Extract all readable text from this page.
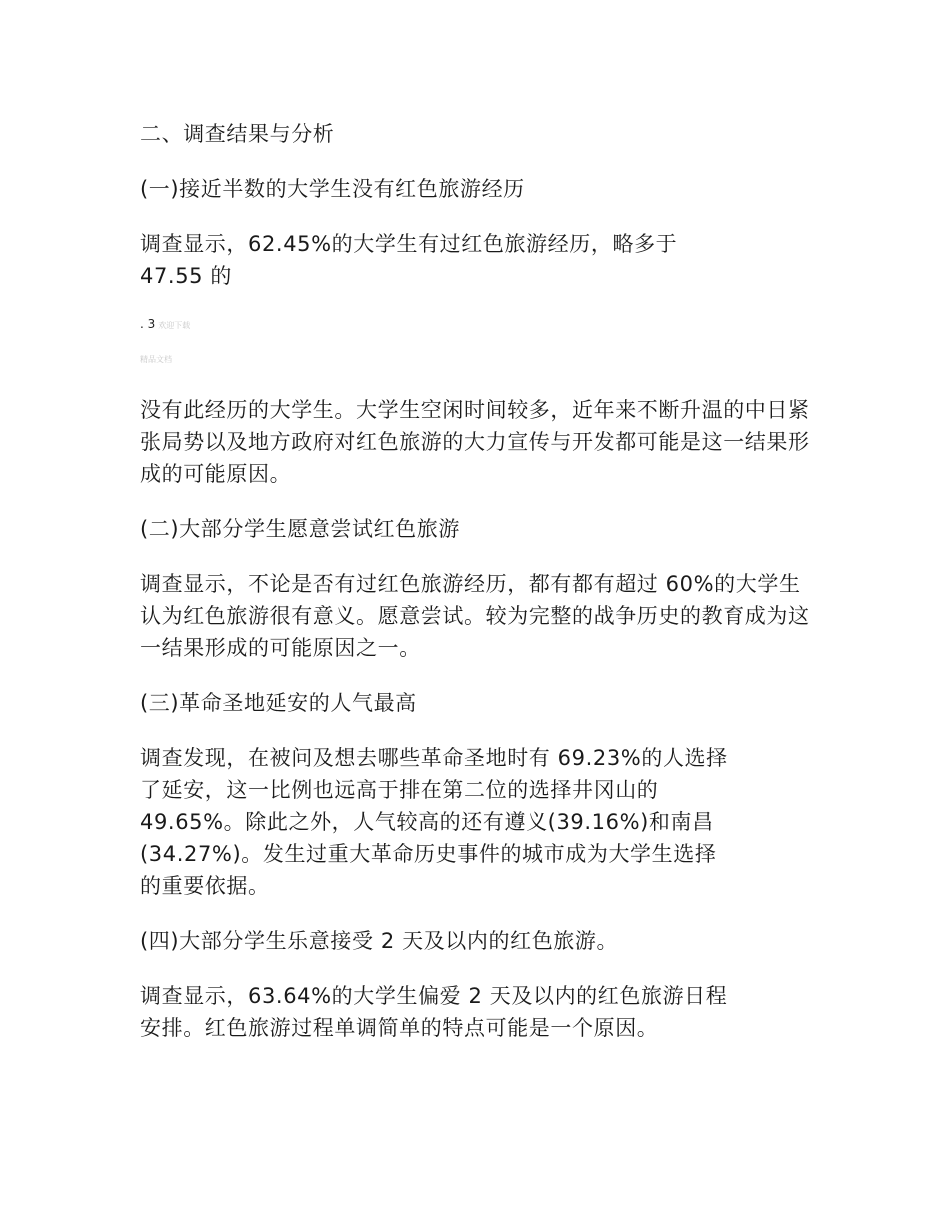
二、调查结果与分析
(一)接近半数的大学生没有红色旅游经历
调查显示，62.45%的大学生有过红色旅游经历，略多于
47.55 的
. 3 欢迎下载
精品文档
没有此经历的大学生。大学生空闲时间较多，近年来不断升温的中日紧张局势以及地方政府对红色旅游的大力宣传与开发都可能是这一结果形成的可能原因。
(二)大部分学生愿意尝试红色旅游
调查显示，不论是否有过红色旅游经历，都有都有超过 60%的大学生认为红色旅游很有意义。愿意尝试。较为完整的战争历史的教育成为这一结果形成的可能原因之一。
(三)革命圣地延安的人气最高
调查发现，在被问及想去哪些革命圣地时有 69.23%的人选择
了延安，这一比例也远高于排在第二位的选择井冈山的
49.65%。除此之外，人气较高的还有遵义(39.16%)和南昌
(34.27%)。发生过重大革命历史事件的城市成为大学生选择
的重要依据。
(四)大部分学生乐意接受 2 天及以内的红色旅游。
调查显示，63.64%的大学生偏爱 2 天及以内的红色旅游日程
安排。红色旅游过程单调简单的特点可能是一个原因。
